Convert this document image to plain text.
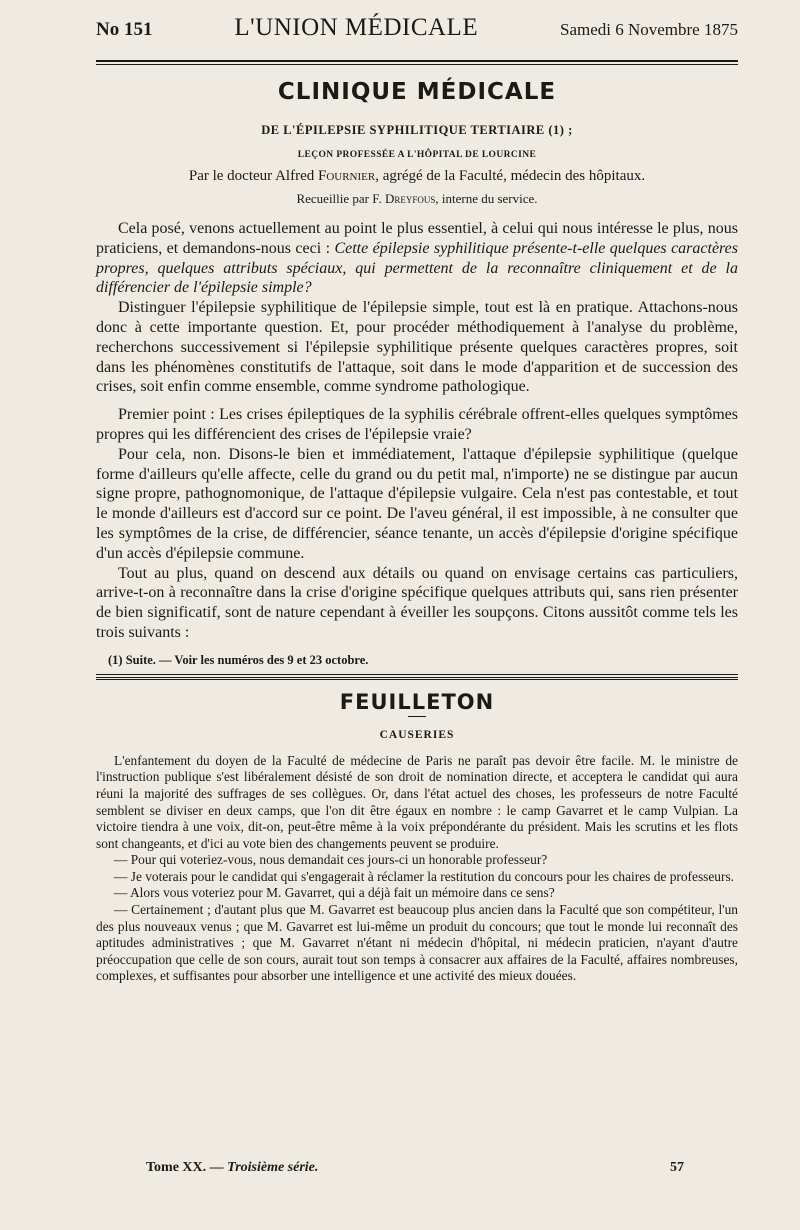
No 151	L'UNION MÉDICALE	Samedi 6 Novembre 1875
CLINIQUE MÉDICALE
DE L'ÉPILEPSIE SYPHILITIQUE TERTIAIRE (1) ;
LEÇON PROFESSÉE A L'HÔPITAL DE LOURCINE
Par le docteur Alfred Fournier, agrégé de la Faculté, médecin des hôpitaux.
Recueillie par F. Dreyfous, interne du service.

Cela posé, venons actuellement au point le plus essentiel, à celui qui nous intéresse le plus, nous praticiens, et demandons-nous ceci : Cette épilepsie syphilitique présente-t-elle quelques caractères propres, quelques attributs spéciaux, qui permettent de la reconnaître cliniquement et de la différencier de l'épilepsie simple?

Distinguer l'épilepsie syphilitique de l'épilepsie simple, tout est là en pratique. Attachons-nous donc à cette importante question. Et, pour procéder méthodiquement à l'analyse du problème, recherchons successivement si l'épilepsie syphilitique présente quelques caractères propres, soit dans les phénomènes constitutifs de l'attaque, soit dans le mode d'apparition et de succession des crises, soit enfin comme ensemble, comme syndrome pathologique.

Premier point : Les crises épileptiques de la syphilis cérébrale offrent-elles quelques symptômes propres qui les différencient des crises de l'épilepsie vraie?

Pour cela, non. Disons-le bien et immédiatement, l'attaque d'épilepsie syphilitique (quelque forme d'ailleurs qu'elle affecte, celle du grand ou du petit mal, n'importe) ne se distingue par aucun signe propre, pathognomonique, de l'attaque d'épilepsie vulgaire. Cela n'est pas contestable, et tout le monde d'ailleurs est d'accord sur ce point. De l'aveu général, il est impossible, à ne consulter que les symptômes de la crise, de différencier, séance tenante, un accès d'épilepsie d'origine spécifique d'un accès d'épilepsie commune.

Tout au plus, quand on descend aux détails ou quand on envisage certains cas particuliers, arrive-t-on à reconnaître dans la crise d'origine spécifique quelques attributs qui, sans rien présenter de bien significatif, sont de nature cependant à éveiller les soupçons. Citons aussitôt comme tels les trois suivants :

(1) Suite. — Voir les numéros des 9 et 23 octobre.
FEUILLETON
CAUSERIES

L'enfantement du doyen de la Faculté de médecine de Paris ne paraît pas devoir être facile. M. le ministre de l'instruction publique s'est libéralement désisté de son droit de nomination directe, et acceptera le candidat qui aura réuni la majorité des suffrages de ses collègues. Or, dans l'état actuel des choses, les professeurs de notre Faculté semblent se diviser en deux camps, que l'on dit être égaux en nombre : le camp Gavarret et le camp Vulpian. La victoire tiendra à une voix, dit-on, peut-être même à la voix prépondérante du président. Mais les scrutins et les flots sont changeants, et d'ici au vote bien des changements peuvent se produire.

— Pour qui voteriez-vous, nous demandait ces jours-ci un honorable professeur?

— Je voterais pour le candidat qui s'engagerait à réclamer la restitution du concours pour les chaires de professeurs.

— Alors vous voteriez pour M. Gavarret, qui a déjà fait un mémoire dans ce sens?

— Certainement ; d'autant plus que M. Gavarret est beaucoup plus ancien dans la Faculté que son compétiteur, l'un des plus nouveaux venus ; que M. Gavarret est lui-même un produit du concours; que tout le monde lui reconnaît des aptitudes administratives ; que M. Gavarret n'étant ni médecin d'hôpital, ni médecin praticien, n'ayant d'autre préoccupation que celle de son cours, aurait tout son temps à consacrer aux affaires de la Faculté, affaires nombreuses, complexes, et suffisantes pour absorber une intelligence et une activité des mieux douées.

Tome XX. — Troisième série.	57
